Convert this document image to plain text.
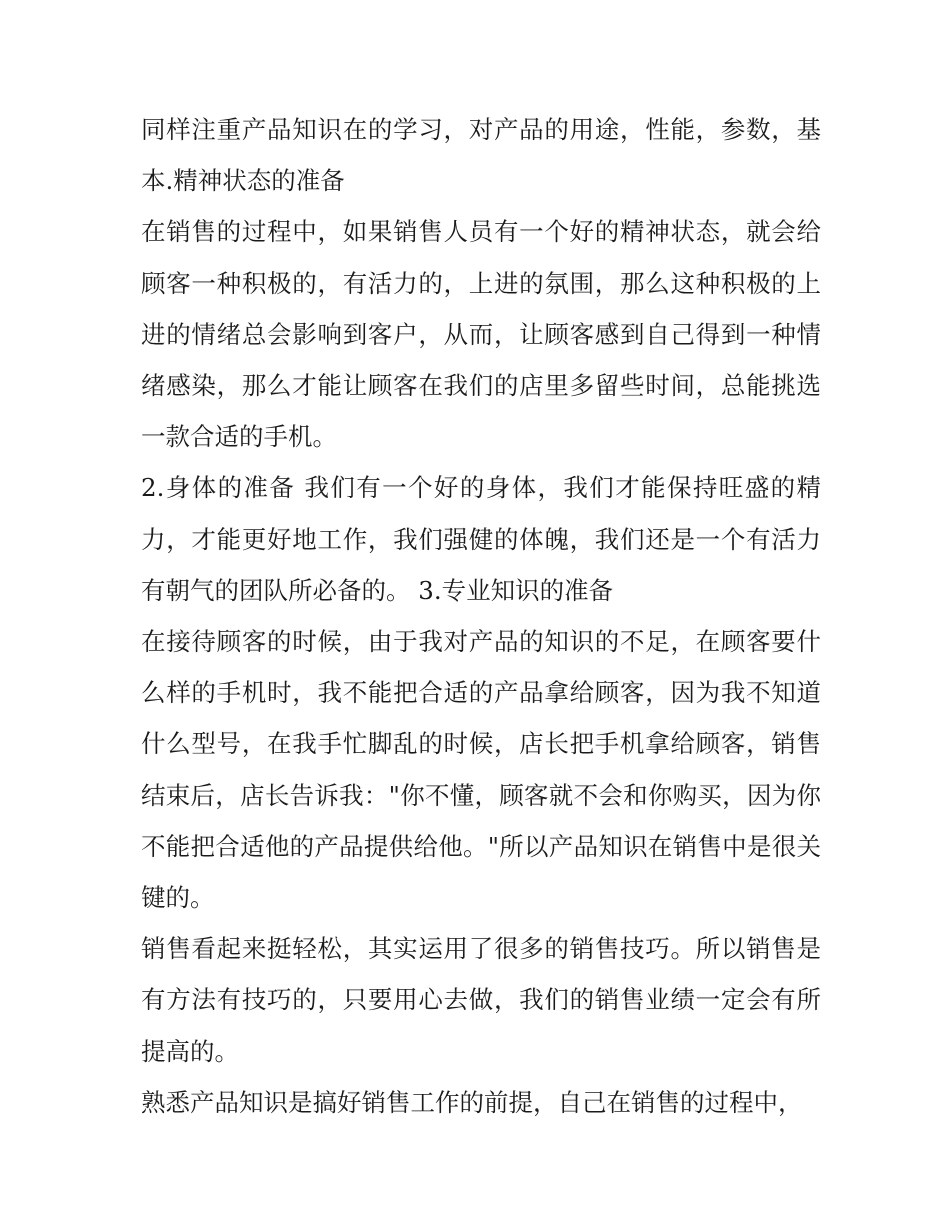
同样注重产品知识在的学习，对产品的用途，性能，参数，基本.精神状态的准备

在销售的过程中，如果销售人员有一个好的精神状态，就会给顾客一种积极的，有活力的，上进的氛围，那么这种积极的上进的情绪总会影响到客户，从而，让顾客感到自己得到一种情绪感染，那么才能让顾客在我们的店里多留些时间，总能挑选一款合适的手机。

2.身体的准备 我们有一个好的身体，我们才能保持旺盛的精力，才能更好地工作，我们强健的体魄，我们还是一个有活力有朝气的团队所必备的。 3.专业知识的准备

在接待顾客的时候，由于我对产品的知识的不足，在顾客要什么样的手机时，我不能把合适的产品拿给顾客，因为我不知道什么型号，在我手忙脚乱的时候，店长把手机拿给顾客，销售结束后，店长告诉我："你不懂，顾客就不会和你购买，因为你不能把合适他的产品提供给他。"所以产品知识在销售中是很关键的。

销售看起来挺轻松，其实运用了很多的销售技巧。所以销售是有方法有技巧的，只要用心去做，我们的销售业绩一定会有所提高的。

熟悉产品知识是搞好销售工作的前提，自己在销售的过程中，
